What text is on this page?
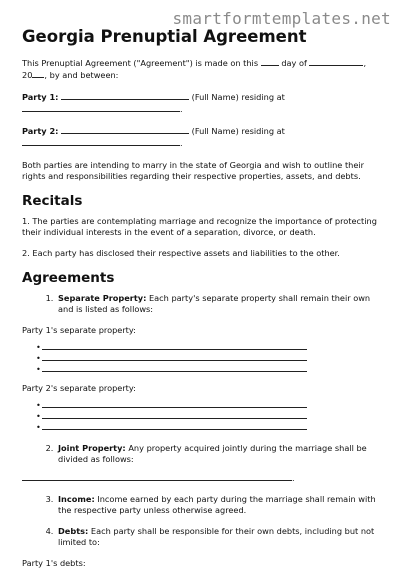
smartformtemplates.net
Georgia Prenuptial Agreement

This Prenuptial Agreement ("Agreement") is made on this	day of	,
20 , by and between:

Party 1:	(Full Name) residing at
.

Party 2:	(Full Name) residing at
.

Both parties are intending to marry in the state of Georgia and wish to outline their rights and responsibilities regarding their respective properties, assets, and debts.

Recitals

1. The parties are contemplating marriage and recognize the importance of protecting their individual interests in the event of a separation, divorce, or death.

2. Each party has disclosed their respective assets and liabilities to the other.

Agreements
1. Separate Property: Each party's separate property shall remain their own and is listed as follows:

Party 1's separate property:

•
•
•

Party 2's separate property:

•
•
•
2. Joint Property: Any property acquired jointly during the marriage shall be divided as follows:

.

3. Income: Income earned by each party during the marriage shall remain with the respective party unless otherwise agreed.
4. Debts: Each party shall be responsible for their own debts, including but not limited to:

Party 1's debts:
